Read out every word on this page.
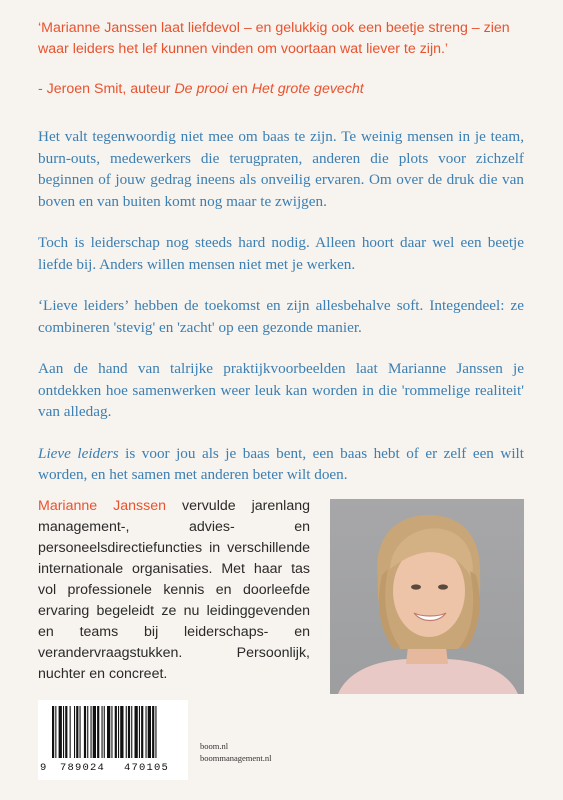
‘Marianne Janssen laat liefdevol – en gelukkig ook een beetje streng – zien waar leiders het lef kunnen vinden om voortaan wat liever te zijn.’
- Jeroen Smit, auteur De prooi en Het grote gevecht

Het valt tegenwoordig niet mee om baas te zijn. Te weinig mensen in je team, burn-outs, medewerkers die terugpraten, anderen die plots voor zichzelf beginnen of jouw gedrag ineens als onveilig ervaren. Om over de druk die van boven en van buiten komt nog maar te zwijgen.

Toch is leiderschap nog steeds hard nodig. Alleen hoort daar wel een beetje liefde bij. Anders willen mensen niet met je werken.

‘Lieve leiders’ hebben de toekomst en zijn allesbehalve soft. Integendeel: ze combineren 'stevig' en 'zacht' op een gezonde manier.

Aan de hand van talrijke praktijkvoorbeelden laat Marianne Janssen je ontdekken hoe samenwerken weer leuk kan worden in die 'rommelige realiteit' van alledag.

Lieve leiders is voor jou als je baas bent, een baas hebt of er zelf een wilt worden, en het samen met anderen beter wilt doen.

Marianne Janssen vervulde jarenlang management-, advies- en personeelsdirectiefuncties in verschillende internationale organisaties. Met haar tas vol professionele kennis en doorleefde ervaring begeleidt ze nu leidinggevenden en teams bij leiderschaps- en verandervraagstukken. Persoonlijk, nuchter en concreet.
9 789024 470105
boom.nl
boommanagement.nl
